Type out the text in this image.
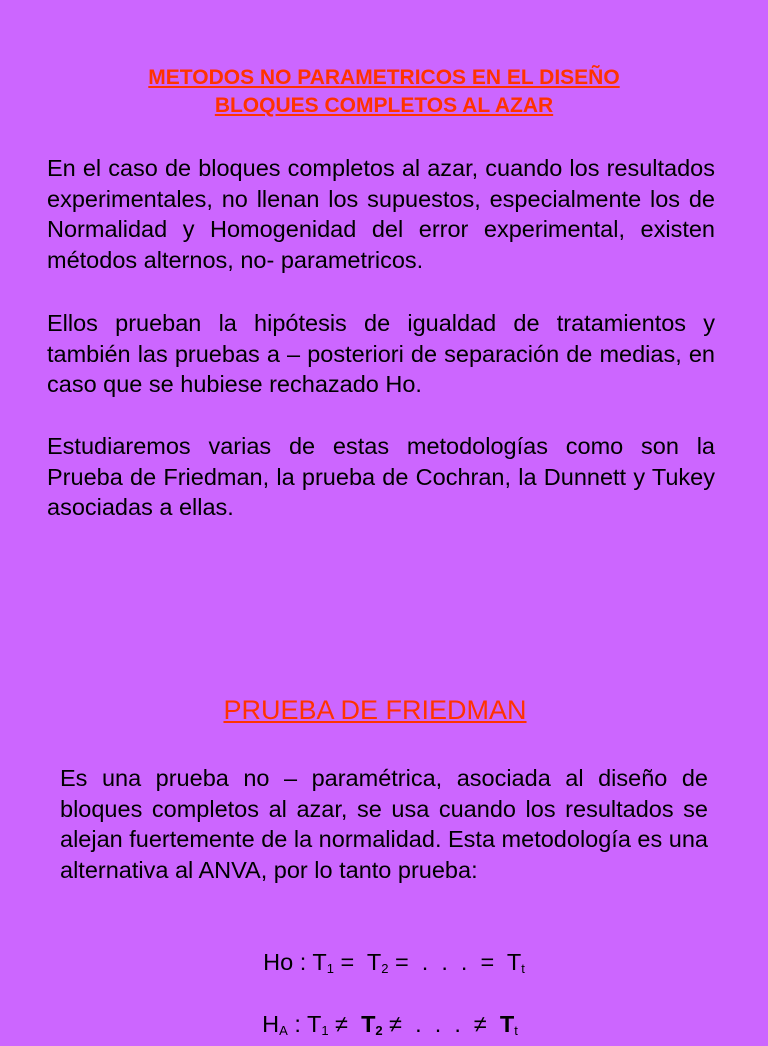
METODOS NO PARAMETRICOS EN EL DISEÑO
BLOQUES COMPLETOS AL AZAR

En el caso de bloques completos al azar, cuando los resultados experimentales, no llenan los supuestos, especialmente los de Normalidad y Homogenidad del error experimental, existen métodos alternos, no- parametricos.

Ellos prueban la hipótesis de igualdad de tratamientos y también las pruebas a – posteriori de separación de medias, en caso que se hubiese rechazado Ho.

Estudiaremos varias de estas metodologías como son la Prueba de Friedman, la prueba de Cochran, la Dunnett y Tukey asociadas a ellas.

PRUEBA DE FRIEDMAN

Es una prueba no – paramétrica, asociada al diseño de bloques completos al azar, se usa cuando los resultados se alejan fuertemente de la normalidad. Esta metodología es una alternativa al ANVA, por lo tanto prueba:

Ho : $T_1 = T_2$ =  .  .  .  =  $T_t$
$H_A$ : $T_1 \ne T_2$ ≠  .  .  .  ≠  $T_t$
